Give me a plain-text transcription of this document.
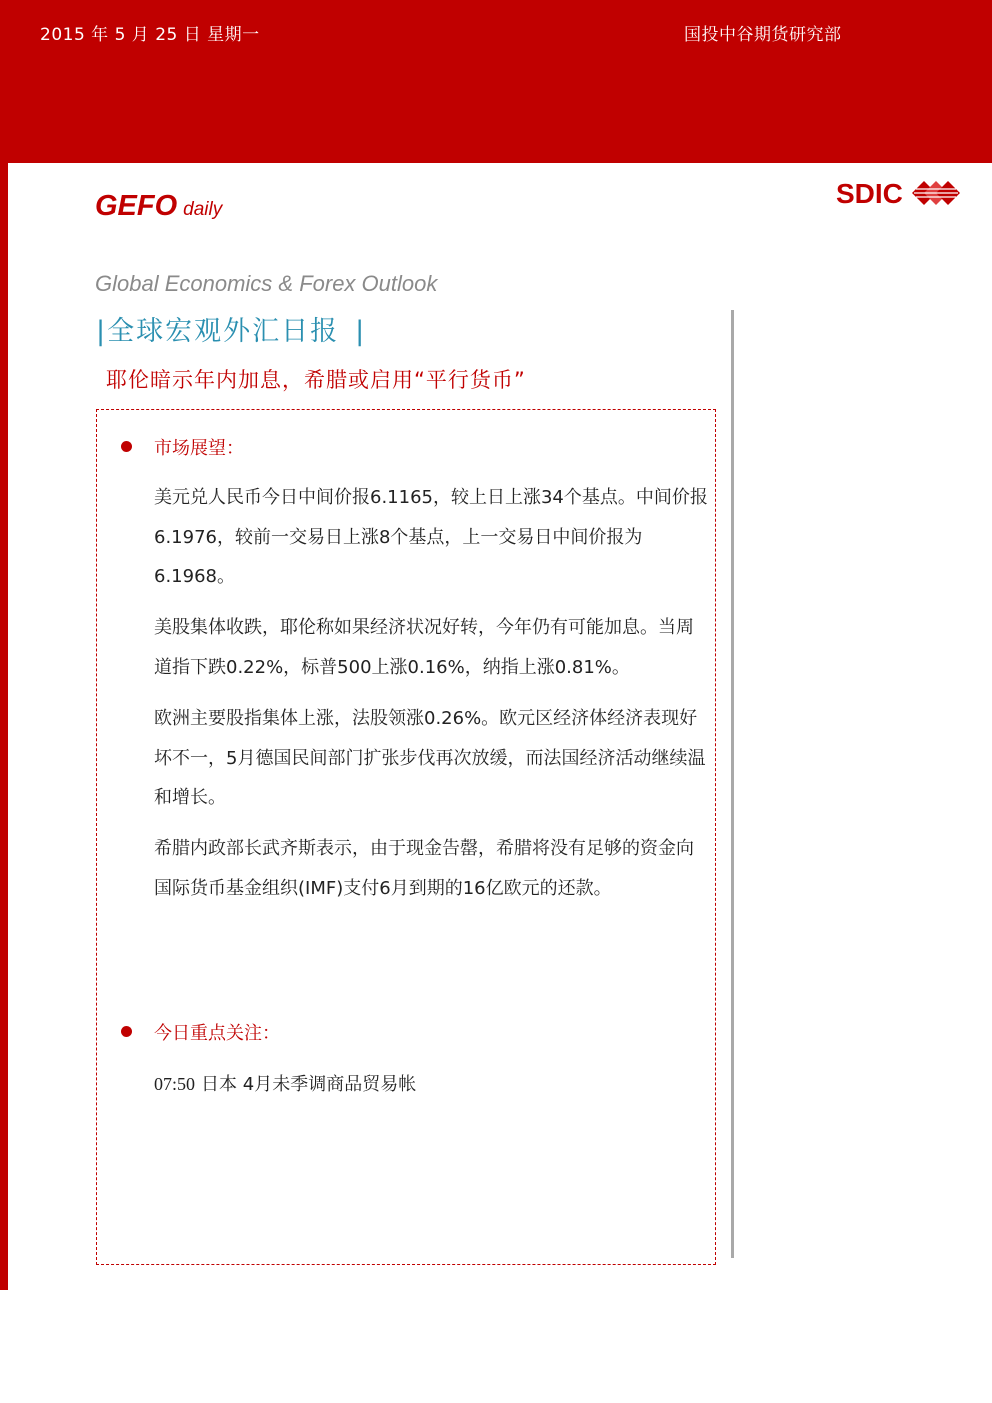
2015 年 5 月 25 日 星期一	国投中谷期货研究部
GEFO daily
SDIC
Global Economics & Forex Outlook
|全球宏观外汇日报 |
耶伦暗示年内加息，希腊或启用“平行货币”
市场展望：

美元兑人民币今日中间价报6.1165，较上日上涨34个基点。中间价报6.1976，较前一交易日上涨8个基点，上一交易日中间价报为6.1968。

美股集体收跌，耶伦称如果经济状况好转，今年仍有可能加息。当周道指下跌0.22%，标普500上涨0.16%，纳指上涨0.81%。

欧洲主要股指集体上涨，法股领涨0.26%。欧元区经济体经济表现好坏不一，5月德国民间部门扩张步伐再次放缓，而法国经济活动继续温和增长。

希腊内政部长武齐斯表示，由于现金告罄，希腊将没有足够的资金向国际货币基金组织(IMF)支付6月到期的16亿欧元的还款。

今日重点关注：
07:50 日本 4月未季调商品贸易帐
